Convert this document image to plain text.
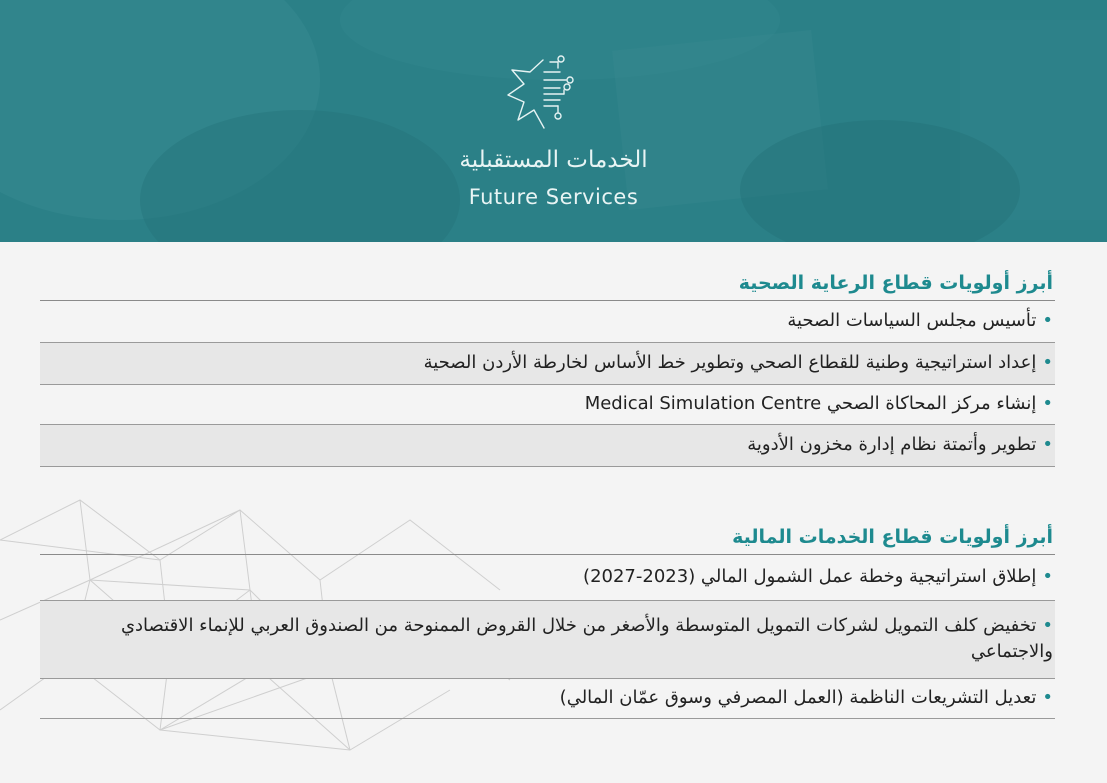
الخدمات المستقبلية
Future Services
أبرز أولويات قطاع الرعاية الصحية
•تأسيس مجلس السياسات الصحية
•إعداد استراتيجية وطنية للقطاع الصحي وتطوير خط الأساس لخارطة الأردن الصحية
•إنشاء مركز المحاكاة الصحي Medical Simulation Centre
•تطوير وأتمتة نظام إدارة مخزون الأدوية
أبرز أولويات قطاع الخدمات المالية
•إطلاق استراتيجية وخطة عمل الشمول المالي (2023-2027)
•تخفيض كلف التمويل لشركات التمويل المتوسطة والأصغر من خلال القروض الممنوحة من الصندوق العربي للإنماء الاقتصادي والاجتماعي
•تعديل التشريعات الناظمة (العمل المصرفي وسوق عمّان المالي)
